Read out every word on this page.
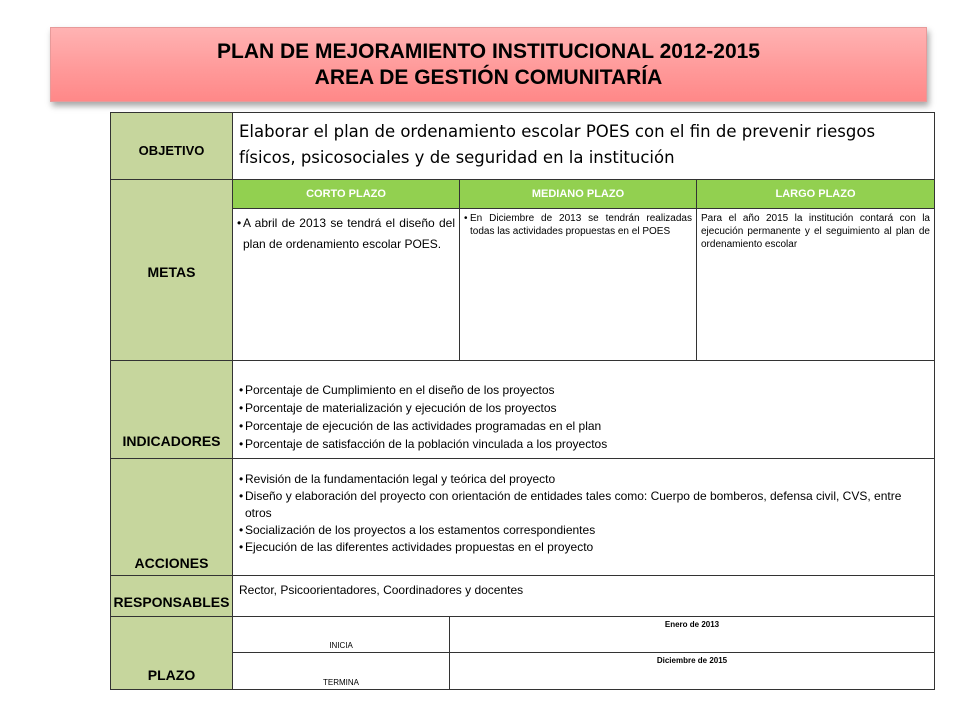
PLAN DE MEJORAMIENTO INSTITUCIONAL 2012-2015
AREA DE GESTIÓN COMUNITARÍA
OBJETIVO
Elaborar el plan de ordenamiento escolar POES con el fin de prevenir riesgos físicos, psicosociales y de seguridad en la institución
METAS
CORTO PLAZO	MEDIANO PLAZO	LARGO PLAZO
• A abril de 2013 se tendrá el diseño del plan de ordenamiento escolar POES.
• En Diciembre de 2013 se tendrán realizadas todas las actividades propuestas en el POES
Para el año 2015 la institución contará con la ejecución permanente y el seguimiento al plan de ordenamiento escolar
INDICADORES
• Porcentaje de Cumplimiento en el diseño de los proyectos
• Porcentaje de materialización y ejecución de los proyectos
• Porcentaje de ejecución de las actividades programadas en el plan
• Porcentaje de satisfacción de la población vinculada a los proyectos
ACCIONES
• Revisión de la fundamentación legal y teórica del proyecto
• Diseño y elaboración del proyecto con orientación de entidades tales como: Cuerpo de bomberos, defensa civil, CVS, entre otros
• Socialización de los proyectos a los estamentos correspondientes
• Ejecución de las diferentes actividades propuestas en el proyecto
RESPONSABLES
Rector, Psicoorientadores, Coordinadores y docentes
PLAZO
INICIA
Enero de 2013
TERMINA
Diciembre de 2015
